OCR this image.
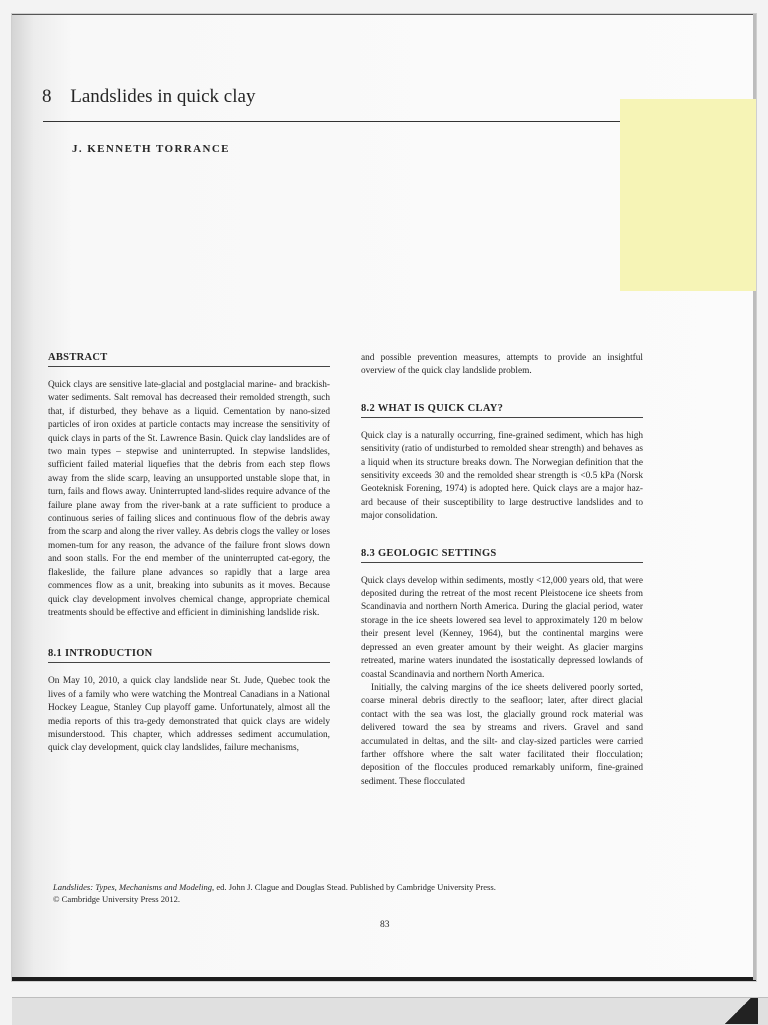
8 Landslides in quick clay
J. KENNETH TORRANCE
ABSTRACT

Quick clays are sensitive late-glacial and postglacial marine- and brackish-water sediments. Salt removal has decreased their remolded strength, such that, if disturbed, they behave as a liquid. Cementation by nano-sized particles of iron oxides at particle contacts may increase the sensitivity of quick clays in parts of the St. Lawrence Basin. Quick clay landslides are of two main types – stepwise and uninterrupted. In stepwise landslides, sufficient failed material liquefies that the debris from each step flows away from the slide scarp, leaving an unsupported unstable slope that, in turn, fails and flows away. Uninterrupted land-slides require advance of the failure plane away from the river-bank at a rate sufficient to produce a continuous series of failing slices and continuous flow of the debris away from the scarp and along the river valley. As debris clogs the valley or loses momen-tum for any reason, the advance of the failure front slows down and soon stalls. For the end member of the uninterrupted cat-egory, the flakeslide, the failure plane advances so rapidly that a large area commences flow as a unit, breaking into subunits as it moves. Because quick clay development involves chemical change, appropriate chemical treatments should be effective and efficient in diminishing landslide risk.

8.1 INTRODUCTION

On May 10, 2010, a quick clay landslide near St. Jude, Quebec took the lives of a family who were watching the Montreal Canadians in a National Hockey League, Stanley Cup playoff game. Unfortunately, almost all the media reports of this tra-gedy demonstrated that quick clays are widely misunderstood. This chapter, which addresses sediment accumulation, quick clay development, quick clay landslides, failure mechanisms,

and possible prevention measures, attempts to provide an insightful overview of the quick clay landslide problem.

8.2 WHAT IS QUICK CLAY?

Quick clay is a naturally occurring, fine-grained sediment, which has high sensitivity (ratio of undisturbed to remolded shear strength) and behaves as a liquid when its structure breaks down. The Norwegian definition that the sensitivity exceeds 30 and the remolded shear strength is <0.5 kPa (Norsk Geoteknisk Forening, 1974) is adopted here. Quick clays are a major haz-ard because of their susceptibility to large destructive landslides and to major consolidation.

8.3 GEOLOGIC SETTINGS

Quick clays develop within sediments, mostly <12,000 years old, that were deposited during the retreat of the most recent Pleistocene ice sheets from Scandinavia and northern North America. During the glacial period, water storage in the ice sheets lowered sea level to approximately 120 m below their present level (Kenney, 1964), but the continental margins were depressed an even greater amount by their weight. As glacier margins retreated, marine waters inundated the isostatically depressed lowlands of coastal Scandinavia and northern North America.

Initially, the calving margins of the ice sheets delivered poorly sorted, coarse mineral debris directly to the seafloor; later, after direct glacial contact with the sea was lost, the glacially ground rock material was delivered toward the sea by streams and rivers. Gravel and sand accumulated in deltas, and the silt- and clay-sized particles were carried farther offshore where the salt water facilitated their flocculation; deposition of the floccules produced remarkably uniform, fine-grained sediment. These flocculated

Landslides: Types, Mechanisms and Modeling, ed. John J. Clague and Douglas Stead. Published by Cambridge University Press.
© Cambridge University Press 2012.
83
